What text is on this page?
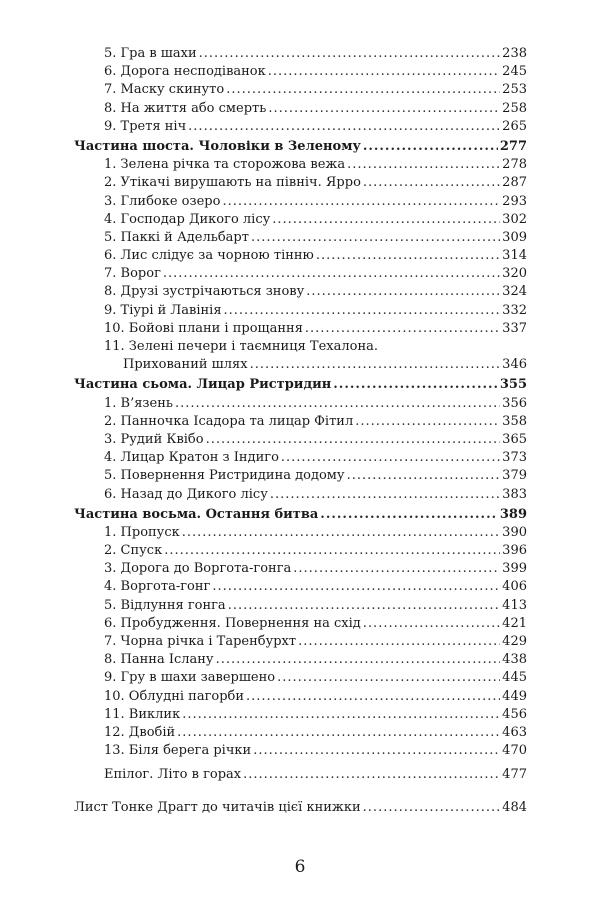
5. Гра в шахи .....	238
6. Дорога несподіванок .....	245
7. Маску скинуто .....	253
8. На життя або смерть .....	258
9. Третя ніч .....	265
Частина шоста. Чоловіки в Зеленому .....	277
1. Зелена річка та сторожова вежа .....	278
2. Утікачі вирушають на північ. Ярро .....	287
3. Глибоке озеро .....	293
4. Господар Дикого лісу .....	302
5. Паккі й Адельбарт .....	309
6. Лис слідує за чорною тінню .....	314
7. Ворог .....	320
8. Друзі зустрічаються знову .....	324
9. Тіурі й Лавінія .....	332
10. Бойові плани і прощання .....	337
11. Зелені печери і таємниця Техалона.
Прихований шлях .....	346
Частина сьома. Лицар Ристридин .....	355
1. В’язень .....	356
2. Панночка Ісадора та лицар Фітил .....	358
3. Рудий Квібо .....	365
4. Лицар Кратон з Індиго .....	373
5. Повернення Ристридина додому .....	379
6. Назад до Дикого лісу .....	383
Частина восьма. Остання битва .....	389
1. Пропуск .....	390
2. Спуск .....	396
3. Дорога до Воргота-гонга .....	399
4. Воргота-гонг .....	406
5. Відлуння гонга .....	413
6. Пробудження. Повернення на схід .....	421
7. Чорна річка і Таренбурхт .....	429
8. Панна Іслану .....	438
9. Гру в шахи завершено .....	445
10. Облудні пагорби .....	449
11. Виклик .....	456
12. Двобій .....	463
13. Біля берега річки .....	470
Епілог. Літо в горах .....	477
Лист Тонке Драгт до читачів цієї книжки .....	484
6
